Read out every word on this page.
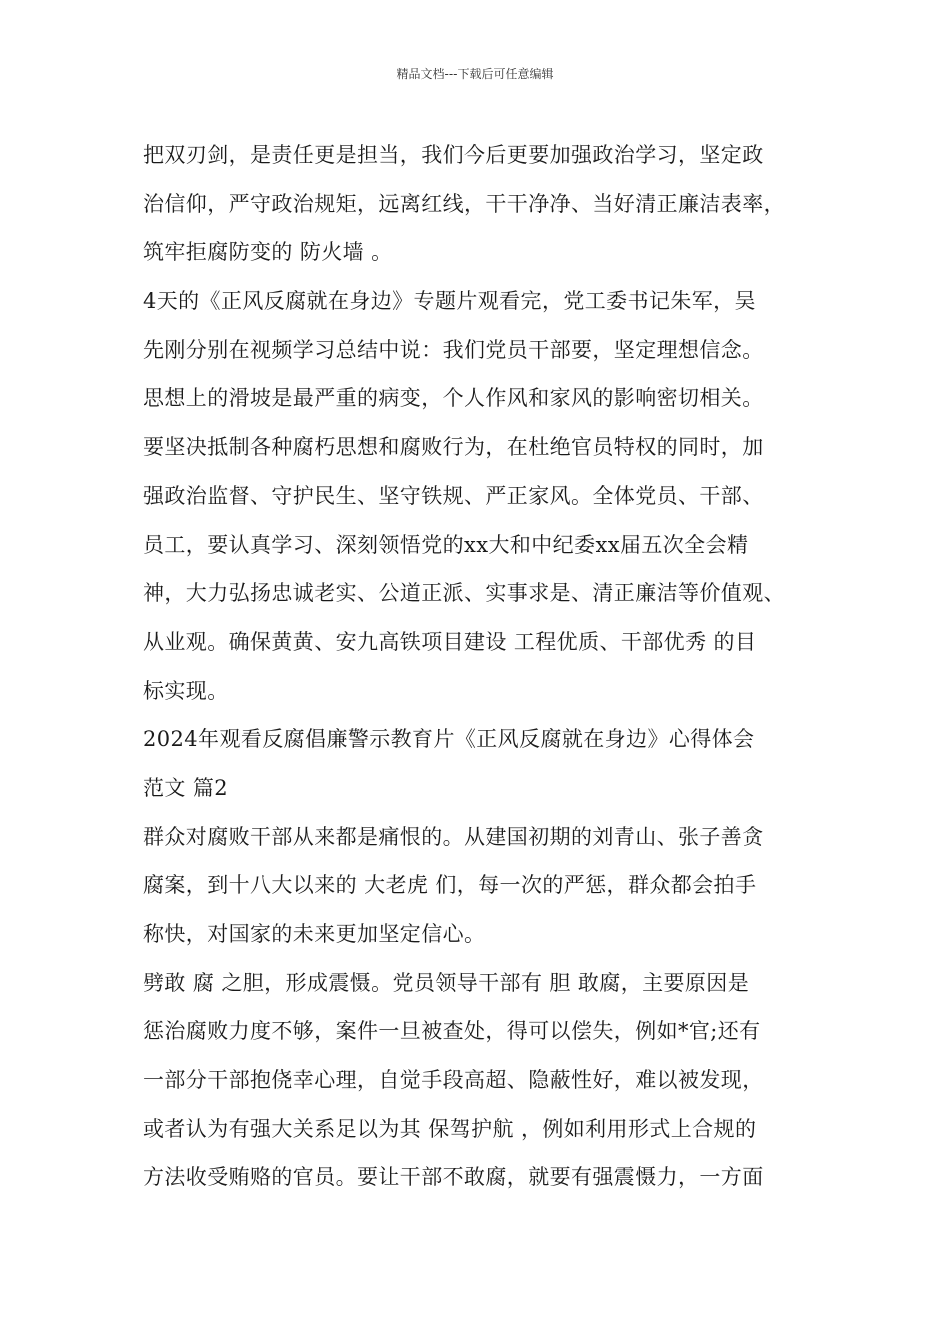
精品文档---下载后可任意编辑
把双刃剑，是责任更是担当，我们今后更要加强政治学习，坚定政
治信仰，严守政治规矩，远离红线，干干净净、当好清正廉洁表率，
筑牢拒腐防变的 防火墙 。
4天的《正风反腐就在身边》专题片观看完，党工委书记朱军，吴
先刚分别在视频学习总结中说：我们党员干部要，坚定理想信念。
思想上的滑坡是最严重的病变，个人作风和家风的影响密切相关。
要坚决抵制各种腐朽思想和腐败行为，在杜绝官员特权的同时，加
强政治监督、守护民生、坚守铁规、严正家风。全体党员、干部、
员工，要认真学习、深刻领悟党的xx大和中纪委xx届五次全会精
神，大力弘扬忠诚老实、公道正派、实事求是、清正廉洁等价值观、
从业观。确保黄黄、安九高铁项目建设 工程优质、干部优秀 的目
标实现。
2024年观看反腐倡廉警示教育片《正风反腐就在身边》心得体会
范文 篇2
群众对腐败干部从来都是痛恨的。从建国初期的刘青山、张子善贪
腐案，到十八大以来的 大老虎 们，每一次的严惩，群众都会拍手
称快，对国家的未来更加坚定信心。
劈敢 腐 之胆，形成震慑。党员领导干部有 胆 敢腐，主要原因是
惩治腐败力度不够，案件一旦被查处，得可以偿失，例如*官;还有
一部分干部抱侥幸心理，自觉手段高超、隐蔽性好，难以被发现，
或者认为有强大关系足以为其 保驾护航 ，例如利用形式上合规的
方法收受贿赂的官员。要让干部不敢腐，就要有强震慑力，一方面
